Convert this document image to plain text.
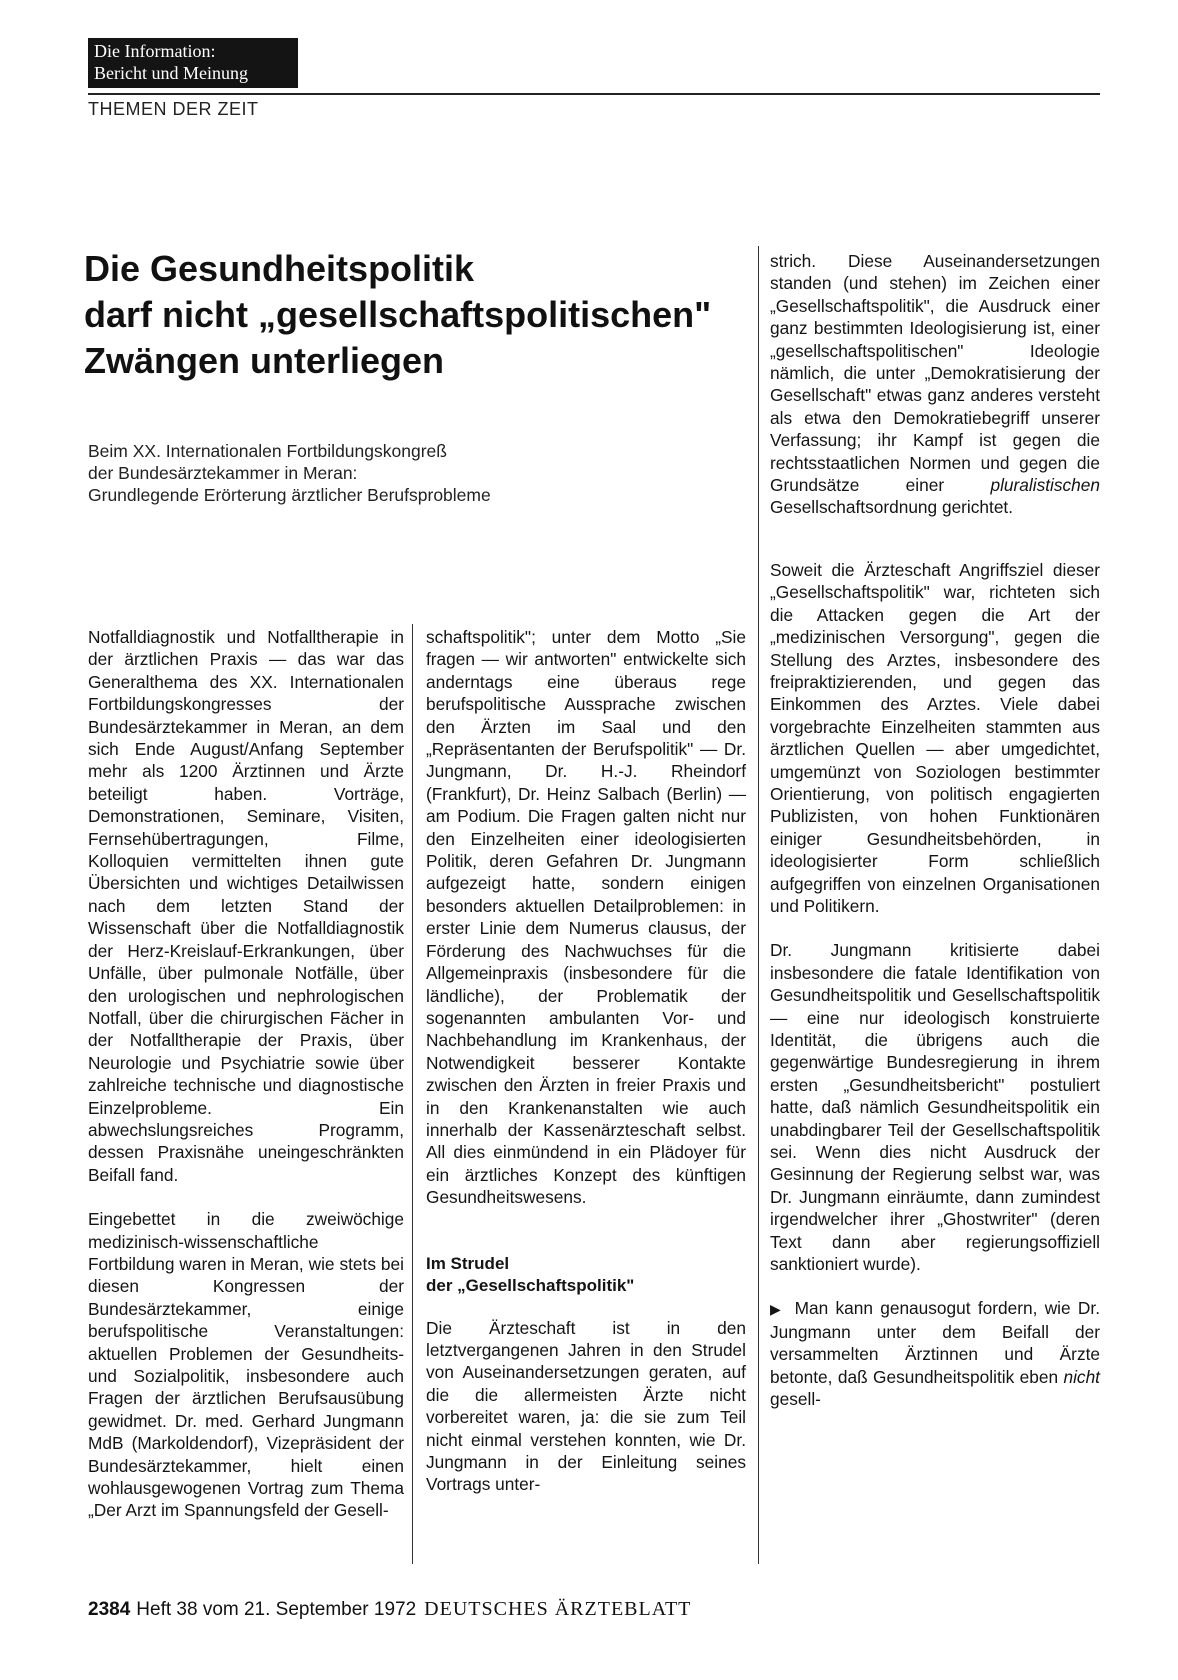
Die Information:
Bericht und Meinung
THEMEN DER ZEIT
Die Gesundheitspolitik
darf nicht „gesellschaftspolitischen"
Zwängen unterliegen
Beim XX. Internationalen Fortbildungskongreß
der Bundesärztekammer in Meran:
Grundlegende Erörterung ärztlicher Berufsprobleme

Notfalldiagnostik und Notfalltherapie in der ärztlichen Praxis — das war das Generalthema des XX. Internationalen Fortbildungskongresses der Bundesärztekammer in Meran, an dem sich Ende August/Anfang September mehr als 1200 Ärztinnen und Ärzte beteiligt haben. Vorträge, Demonstrationen, Seminare, Visiten, Fernsehübertragungen, Filme, Kolloquien vermittelten ihnen gute Übersichten und wichtiges Detailwissen nach dem letzten Stand der Wissenschaft über die Notfalldiagnostik der Herz-Kreislauf-Erkrankungen, über Unfälle, über pulmonale Notfälle, über den urologischen und nephrologischen Notfall, über die chirurgischen Fächer in der Notfalltherapie der Praxis, über Neurologie und Psychiatrie sowie über zahlreiche technische und diagnostische Einzelprobleme. Ein abwechslungsreiches Programm, dessen Praxisnähe uneingeschränkten Beifall fand.

Eingebettet in die zweiwöchige medizinisch-wissenschaftliche Fortbildung waren in Meran, wie stets bei diesen Kongressen der Bundesärztekammer, einige berufspolitische Veranstaltungen: aktuellen Problemen der Gesundheits- und Sozialpolitik, insbesondere auch Fragen der ärztlichen Berufsausübung gewidmet. Dr. med. Gerhard Jungmann MdB (Markoldendorf), Vizepräsident der Bundesärztekammer, hielt einen wohlausgewogenen Vortrag zum Thema „Der Arzt im Spannungsfeld der Gesell-

schaftspolitik"; unter dem Motto „Sie fragen — wir antworten" entwickelte sich anderntags eine überaus rege berufspolitische Aussprache zwischen den Ärzten im Saal und den „Repräsentanten der Berufspolitik" — Dr. Jungmann, Dr. H.-J. Rheindorf (Frankfurt), Dr. Heinz Salbach (Berlin) — am Podium. Die Fragen galten nicht nur den Einzelheiten einer ideologisierten Politik, deren Gefahren Dr. Jungmann aufgezeigt hatte, sondern einigen besonders aktuellen Detailproblemen: in erster Linie dem Numerus clausus, der Förderung des Nachwuchses für die Allgemeinpraxis (insbesondere für die ländliche), der Problematik der sogenannten ambulanten Vor- und Nachbehandlung im Krankenhaus, der Notwendigkeit besserer Kontakte zwischen den Ärzten in freier Praxis und in den Krankenanstalten wie auch innerhalb der Kassenärzteschaft selbst. All dies einmündend in ein Plädoyer für ein ärztliches Konzept des künftigen Gesundheitswesens.

Im Strudel
der „Gesellschaftspolitik"

Die Ärzteschaft ist in den letztvergangenen Jahren in den Strudel von Auseinandersetzungen geraten, auf die die allermeisten Ärzte nicht vorbereitet waren, ja: die sie zum Teil nicht einmal verstehen konnten, wie Dr. Jungmann in der Einleitung seines Vortrags unter-

strich. Diese Auseinandersetzungen standen (und stehen) im Zeichen einer „Gesellschaftspolitik", die Ausdruck einer ganz bestimmten Ideologisierung ist, einer „gesellschaftspolitischen" Ideologie nämlich, die unter „Demokratisierung der Gesellschaft" etwas ganz anderes versteht als etwa den Demokratiebegriff unserer Verfassung; ihr Kampf ist gegen die rechtsstaatlichen Normen und gegen die Grundsätze einer	pluralistischen Gesellschaftsordnung gerichtet.

Soweit die Ärzteschaft Angriffsziel dieser „Gesellschaftspolitik" war, richteten sich die Attacken gegen die Art der „medizinischen Versorgung", gegen die Stellung des Arztes, insbesondere des freipraktizierenden, und gegen das Einkommen des Arztes. Viele dabei vorgebrachte Einzelheiten stammten aus ärztlichen Quellen — aber umgedichtet, umgemünzt von Soziologen bestimmter Orientierung, von politisch engagierten Publizisten, von hohen Funktionären einiger Gesundheitsbehörden, in ideologisierter Form schließlich aufgegriffen von einzelnen Organisationen und Politikern.

Dr. Jungmann kritisierte dabei insbesondere die fatale Identifikation von Gesundheitspolitik und Gesellschaftspolitik — eine nur ideologisch konstruierte Identität, die übrigens auch die gegenwärtige Bundesregierung in ihrem ersten „Gesundheitsbericht" postuliert hatte, daß nämlich Gesundheitspolitik ein unabdingbarer Teil der Gesellschaftspolitik sei. Wenn dies nicht Ausdruck der Gesinnung der Regierung selbst war, was Dr. Jungmann einräumte, dann zumindest irgendwelcher ihrer „Ghostwriter" (deren Text dann aber regierungsoffiziell sanktioniert wurde).

▶ Man kann genausogut fordern, wie Dr. Jungmann unter dem Beifall der versammelten Ärztinnen und Ärzte betonte, daß Gesundheitspolitik eben nicht gesell-

2384 Heft 38 vom 21. September 1972 DEUTSCHES ÄRZTEBLATT
